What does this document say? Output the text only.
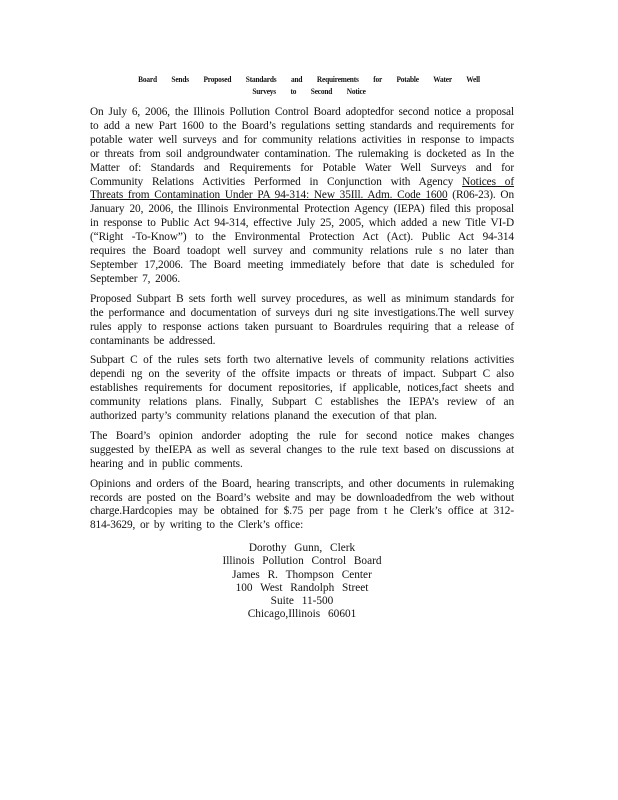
Board Sends Proposed Standards and Requirements for Potable Water Well
Surveys to Second Notice

On July 6, 2006, the Illinois Pollution Control Board adoptedfor second notice a proposal to add a new Part 1600 to the Board’s regulations setting standards and requirements for potable water well surveys and for community relations activities in response to impacts or threats from soil andgroundwater contamination. The rulemaking is docketed as In the Matter of: Standards and Requirements for Potable Water Well Surveys and for Community Relations Activities Performed in Conjunction with Agency Notices of Threats from Contamination Under PA 94-314: New 35Ill. Adm. Code 1600 (R06-23). On January 20, 2006, the Illinois Environmental Protection Agency (IEPA) filed this proposal in response to Public Act 94-314, effective July 25, 2005, which added a new Title VI-D (“Right -To-Know”) to the Environmental Protection Act (Act). Public Act 94-314 requires the Board toadopt well survey and community relations rule s no later than September 17,2006. The Board meeting immediately before that date is scheduled for September 7, 2006.

Proposed Subpart B sets forth well survey procedures, as well as minimum standards for the performance and documentation of surveys duri ng site investigations.The well survey rules apply to response actions taken pursuant to Boardrules requiring that a release of contaminants be addressed.

Subpart C of the rules sets forth two alternative levels of community relations activities dependi ng on the severity of the offsite impacts or threats of impact. Subpart C also establishes requirements for document repositories, if applicable, notices,fact sheets and community relations plans. Finally, Subpart C establishes the IEPA’s review of an authorized party’s community relations planand the execution of that plan.

The Board’s opinion andorder adopting the rule for second notice makes changes suggested by theIEPA as well as several changes to the rule text based on discussions at hearing and in public comments.

Opinions and orders of the Board, hearing transcripts, and other documents in rulemaking records are posted on the Board’s website and may be downloadedfrom the web without charge.Hardcopies may be obtained for $.75 per page from t he Clerk’s office at 312-814-3629, or by writing to the Clerk’s office:

Dorothy Gunn, Clerk
Illinois Pollution Control Board
James R. Thompson Center
100 West Randolph Street
Suite 11-500
Chicago,Illinois 60601
